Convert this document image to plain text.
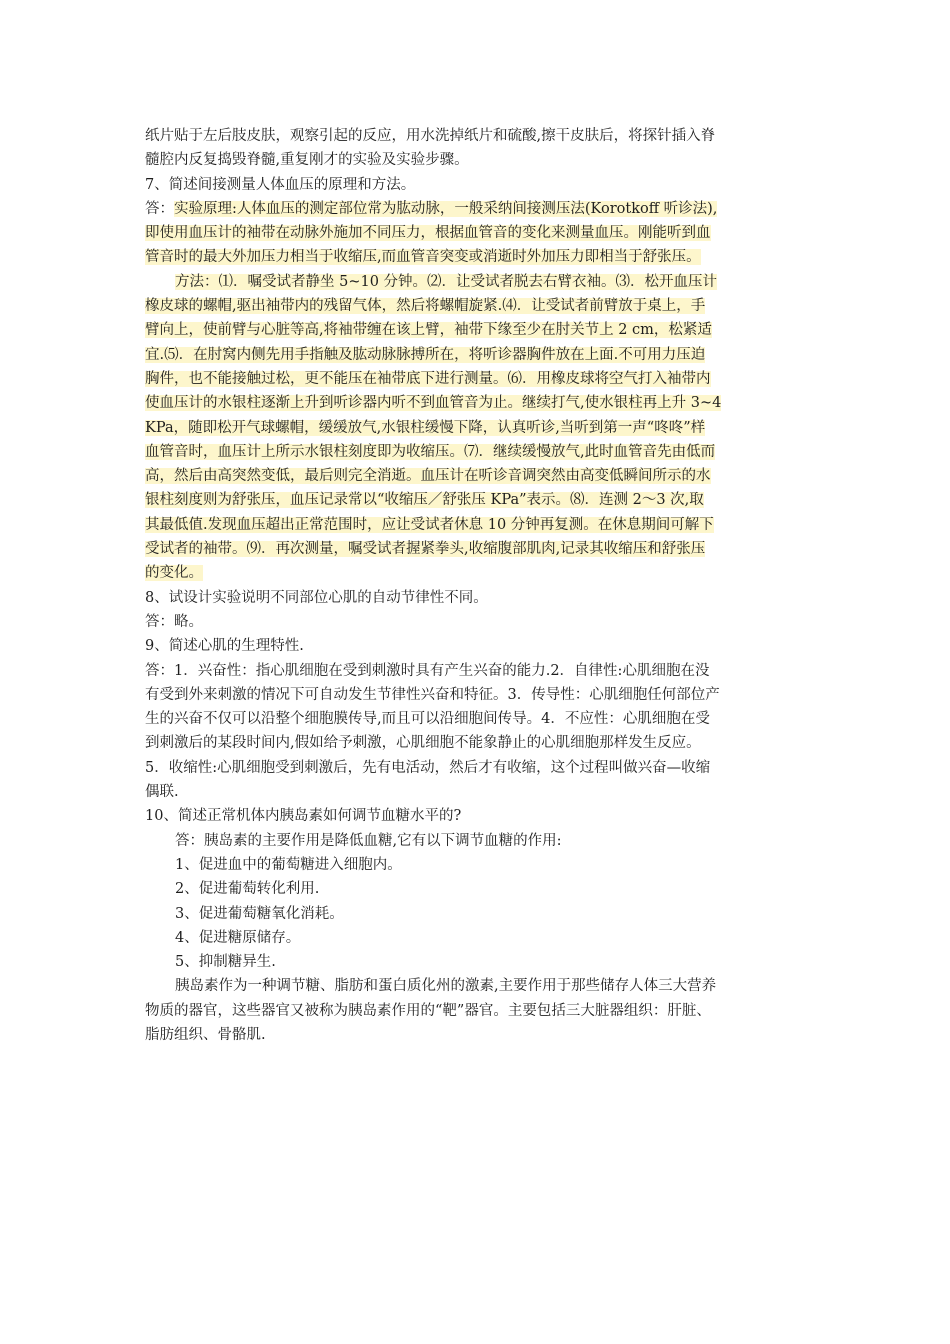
纸片贴于左后肢皮肤，观察引起的反应，用水洗掉纸片和硫酸,擦干皮肤后，将探针插入脊
髓腔内反复捣毁脊髓,重复刚才的实验及实验步骤。
7、简述间接测量人体血压的原理和方法。
答：实验原理:人体血压的测定部位常为肱动脉，一般采纳间接测压法(Korotkoff 听诊法),
即使用血压计的袖带在动脉外施加不同压力，根据血管音的变化来测量血压。刚能听到血
管音时的最大外加压力相当于收缩压,而血管音突变或消逝时外加压力即相当于舒张压。
方法：⑴．嘱受试者静坐 5~10 分钟。⑵．让受试者脱去右臂衣袖。⑶．松开血压计
橡皮球的螺帽,驱出袖带内的残留气体，然后将螺帽旋紧.⑷．让受试者前臂放于桌上，手
臂向上，使前臂与心脏等高,将袖带缠在该上臂，袖带下缘至少在肘关节上 2 cm，松紧适
宜.⑸．在肘窝内侧先用手指触及肱动脉脉搏所在，将听诊器胸件放在上面.不可用力压迫
胸件，也不能接触过松，更不能压在袖带底下进行测量。⑹．用橡皮球将空气打入袖带内
使血压计的水银柱逐渐上升到听诊器内听不到血管音为止。继续打气,使水银柱再上升 3~4
KPa，随即松开气球螺帽，缓缓放气,水银柱缓慢下降，认真听诊,当听到第一声“咚咚”样
血管音时，血压计上所示水银柱刻度即为收缩压。⑺．继续缓慢放气,此时血管音先由低而
高，然后由高突然变低，最后则完全消逝。血压计在听诊音调突然由高变低瞬间所示的水
银柱刻度则为舒张压，血压记录常以“收缩压／舒张压 KPa”表示。⑻．连测 2～3 次,取
其最低值.发现血压超出正常范围时，应让受试者休息 10 分钟再复测。在休息期间可解下
受试者的袖带。⑼．再次测量，嘱受试者握紧拳头,收缩腹部肌肉,记录其收缩压和舒张压
的变化。
8、试设计实验说明不同部位心肌的自动节律性不同。
答：略。
9、简述心肌的生理特性.
答：1．兴奋性：指心肌细胞在受到刺激时具有产生兴奋的能力.2．自律性:心肌细胞在没
有受到外来刺激的情况下可自动发生节律性兴奋和特征。3．传导性：心肌细胞任何部位产
生的兴奋不仅可以沿整个细胞膜传导,而且可以沿细胞间传导。4．不应性：心肌细胞在受
到刺激后的某段时间内,假如给予刺激，心肌细胞不能象静止的心肌细胞那样发生反应。
5．收缩性:心肌细胞受到刺激后，先有电活动，然后才有收缩，这个过程叫做兴奋—收缩
偶联.
10、简述正常机体内胰岛素如何调节血糖水平的?
答：胰岛素的主要作用是降低血糖,它有以下调节血糖的作用:
1、促进血中的葡萄糖进入细胞内。
2、促进葡萄转化利用.
3、促进葡萄糖氧化消耗。
4、促进糖原储存。
5、抑制糖异生.
胰岛素作为一种调节糖、脂肪和蛋白质化州的激素,主要作用于那些储存人体三大营养
物质的器官，这些器官又被称为胰岛素作用的“靶”器官。主要包括三大脏器组织：肝脏、
脂肪组织、骨骼肌.
